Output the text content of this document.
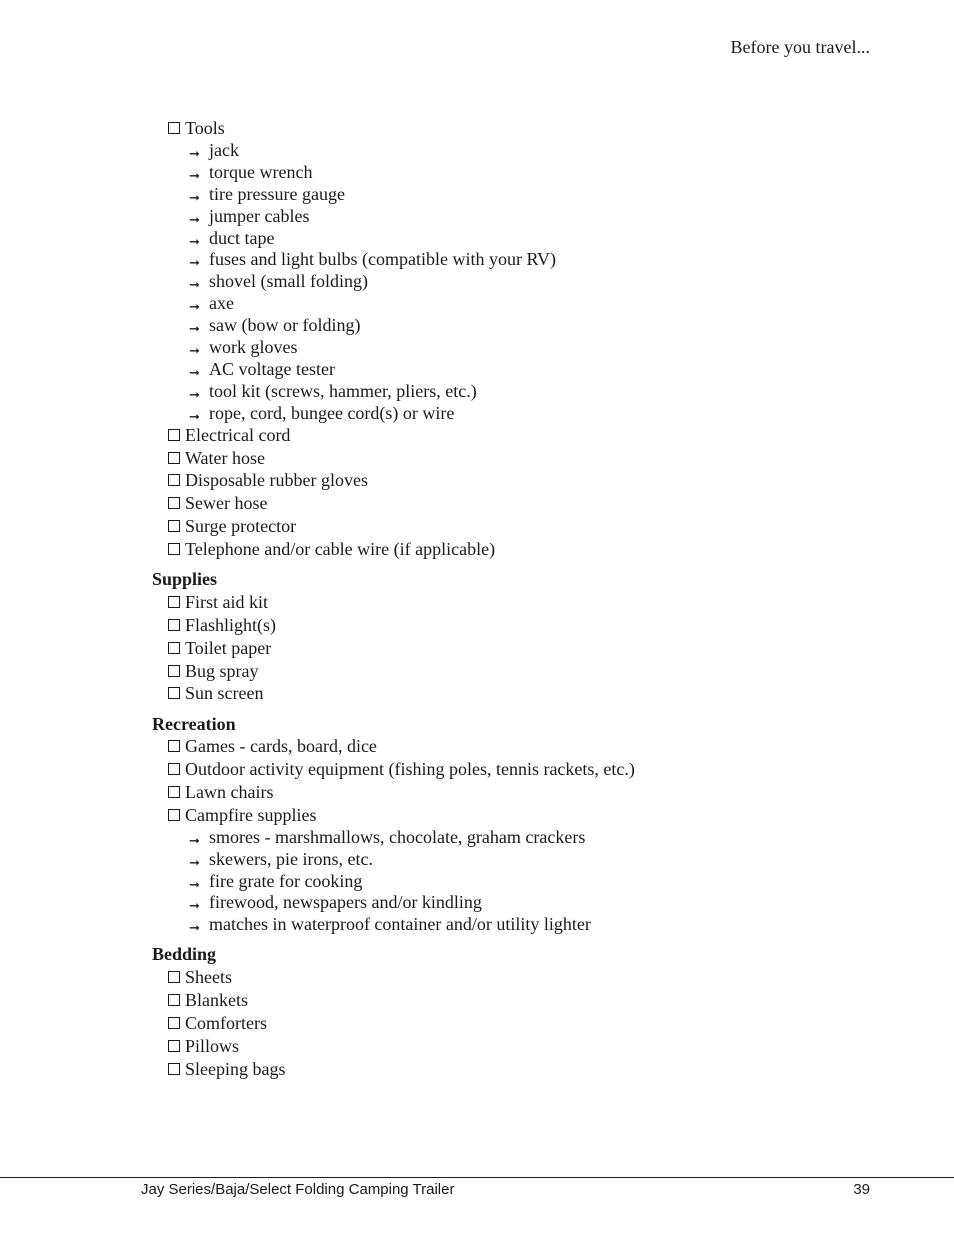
Before you travel...
Tools
➞ jack
➞ torque wrench
➞ tire pressure gauge
➞ jumper cables
➞ duct tape
➞ fuses and light bulbs (compatible with your RV)
➞ shovel (small folding)
➞ axe
➞ saw (bow or folding)
➞ work gloves
➞ AC voltage tester
➞ tool kit (screws, hammer, pliers, etc.)
➞ rope, cord, bungee cord(s) or wire
Electrical cord
Water hose
Disposable rubber gloves
Sewer hose
Surge protector
Telephone and/or cable wire (if applicable)
Supplies
First aid kit
Flashlight(s)
Toilet paper
Bug spray
Sun screen
Recreation
Games - cards, board, dice
Outdoor activity equipment (fishing poles, tennis rackets, etc.)
Lawn chairs
Campfire supplies
➞ smores - marshmallows, chocolate, graham crackers
➞ skewers, pie irons, etc.
➞ fire grate for cooking
➞ firewood, newspapers and/or kindling
➞ matches in waterproof container and/or utility lighter
Bedding
Sheets
Blankets
Comforters
Pillows
Sleeping bags
Jay Series/Baja/Select Folding Camping Trailer	39
